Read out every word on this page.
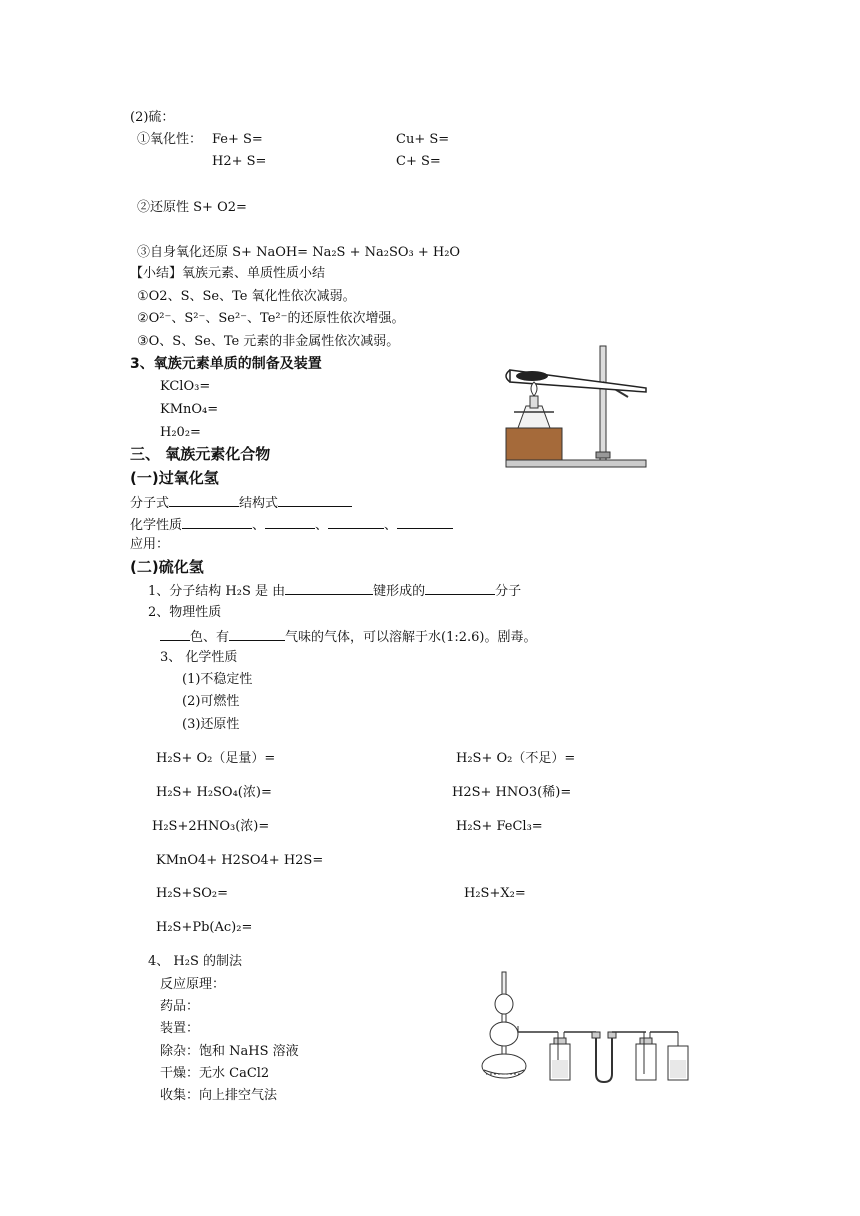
(2)硫：
①氧化性： Fe+ S=	Cu+ S=
H2+ S=	C+ S=
②还原性 S+ O2=
③自身氧化还原 S+ NaOH= Na₂S + Na₂SO₃ + H₂O
【小结】氧族元素、单质性质小结
①O2、S、Se、Te 氧化性依次减弱。
②O²⁻、S²⁻、Se²⁻、Te²⁻的还原性依次增强。
③O、S、Se、Te 元素的非金属性依次减弱。
3、氧族元素单质的制备及装置
KClO₃=
KMnO₄=
H₂0₂=
三、 氧族元素化合物
(一)过氧化氢
分子式	结构式
化学性质	、	、	、
应用：
(二)硫化氢
1、分子结构 H₂S 是 由	键形成的	分子
2、物理性质
色、有	气味的气体，可以溶解于水(1:2.6)。剧毒。
3、 化学性质
(1)不稳定性
(2)可燃性
(3)还原性
H₂S+ O₂（足量）=	H₂S+ O₂（不足）=
H₂S+ H₂SO₄(浓)=	H2S+ HNO3(稀)=
H₂S+2HNO₃(浓)=	H₂S+ FeCl₃=
KMnO4+ H2SO4+ H2S=
H₂S+SO₂=	H₂S+X₂=
H₂S+Pb(Ac)₂=
4、 H₂S 的制法
反应原理：
药品：
装置：
除杂：饱和 NaHS 溶液
干燥：无水 CaCl2
收集：向上排空气法
